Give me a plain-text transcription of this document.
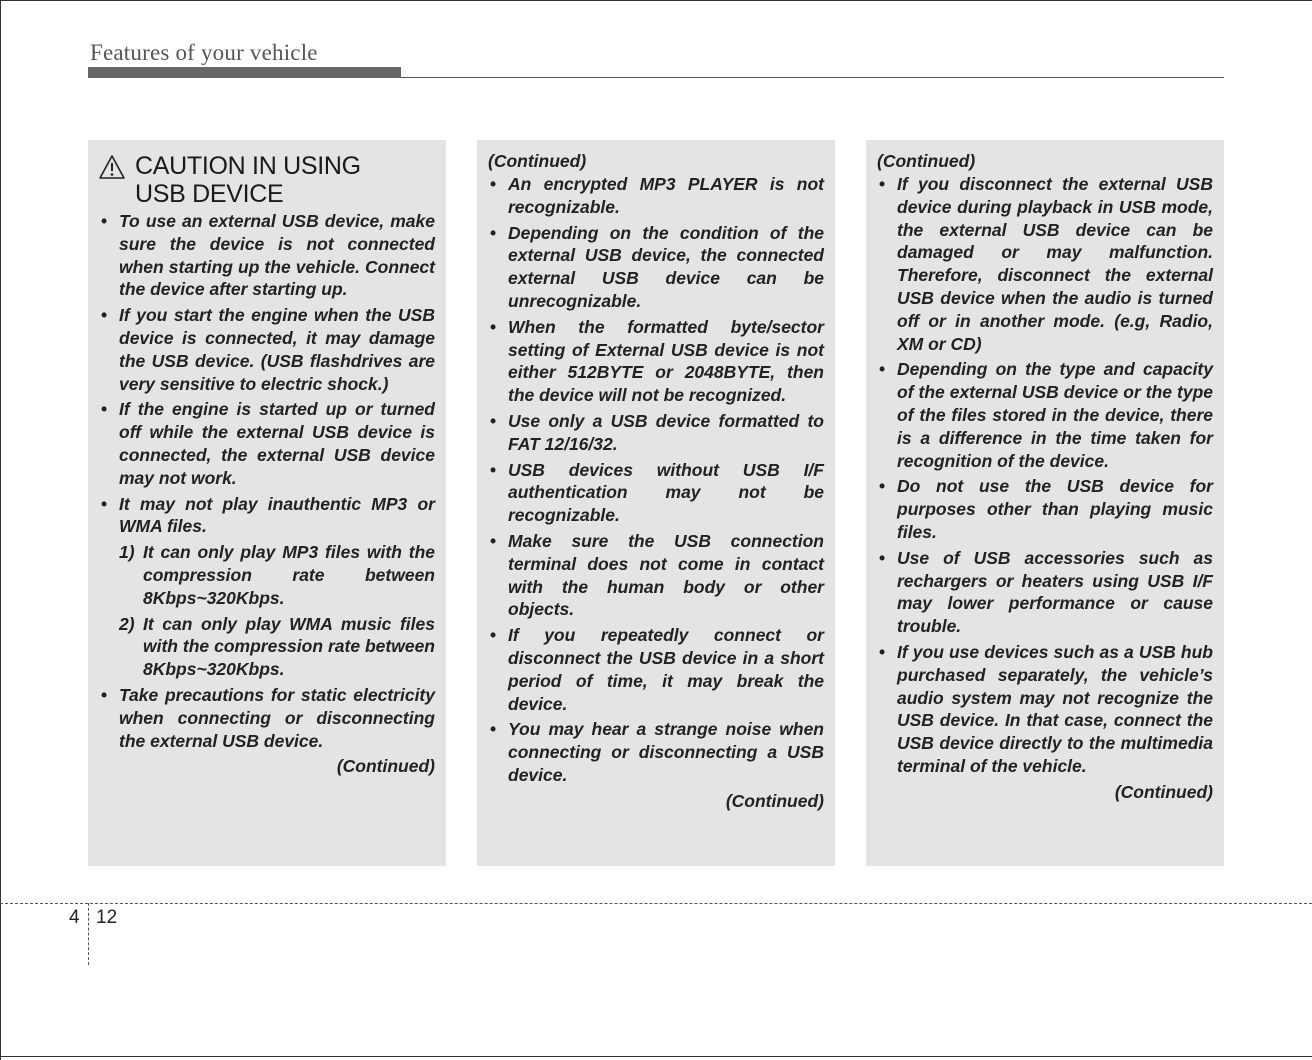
Features of your vehicle
CAUTION IN USING
USB DEVICE
• To use an external USB device, make sure the device is not connected when starting up the vehicle. Connect the device after starting up.
• If you start the engine when the USB device is connected, it may damage the USB device. (USB flashdrives are very sensitive to electric shock.)
• If the engine is started up or turned off while the external USB device is connected, the external USB device may not work.
• It may not play inauthentic MP3 or WMA files.
1) It can only play MP3 files with the compression rate between 8Kbps~320Kbps.
2) It can only play WMA music files with the compression rate between 8Kbps~320Kbps.
• Take precautions for static electricity when connecting or disconnecting the external USB device.
(Continued)
(Continued)
• An encrypted MP3 PLAYER is not recognizable.
• Depending on the condition of the external USB device, the connected external USB device can be unrecognizable.
• When the formatted byte/sector setting of External USB device is not either 512BYTE or 2048BYTE, then the device will not be recognized.
• Use only a USB device formatted to FAT 12/16/32.
• USB devices without USB I/F authentication may not be recognizable.
• Make sure the USB connection terminal does not come in contact with the human body or other objects.
• If you repeatedly connect or disconnect the USB device in a short period of time, it may break the device.
• You may hear a strange noise when connecting or disconnecting a USB device.
(Continued)
(Continued)
• If you disconnect the external USB device during playback in USB mode, the external USB device can be damaged or may malfunction. Therefore, disconnect the external USB device when the audio is turned off or in another mode. (e.g, Radio, XM or CD)
• Depending on the type and capacity of the external USB device or the type of the files stored in the device, there is a difference in the time taken for recognition of the device.
• Do not use the USB device for purposes other than playing music files.
• Use of USB accessories such as rechargers or heaters using USB I/F may lower performance or cause trouble.
• If you use devices such as a USB hub purchased separately, the vehicle’s audio system may not recognize the USB device. In that case, connect the USB device directly to the multimedia terminal of the vehicle.
(Continued)
4 12
